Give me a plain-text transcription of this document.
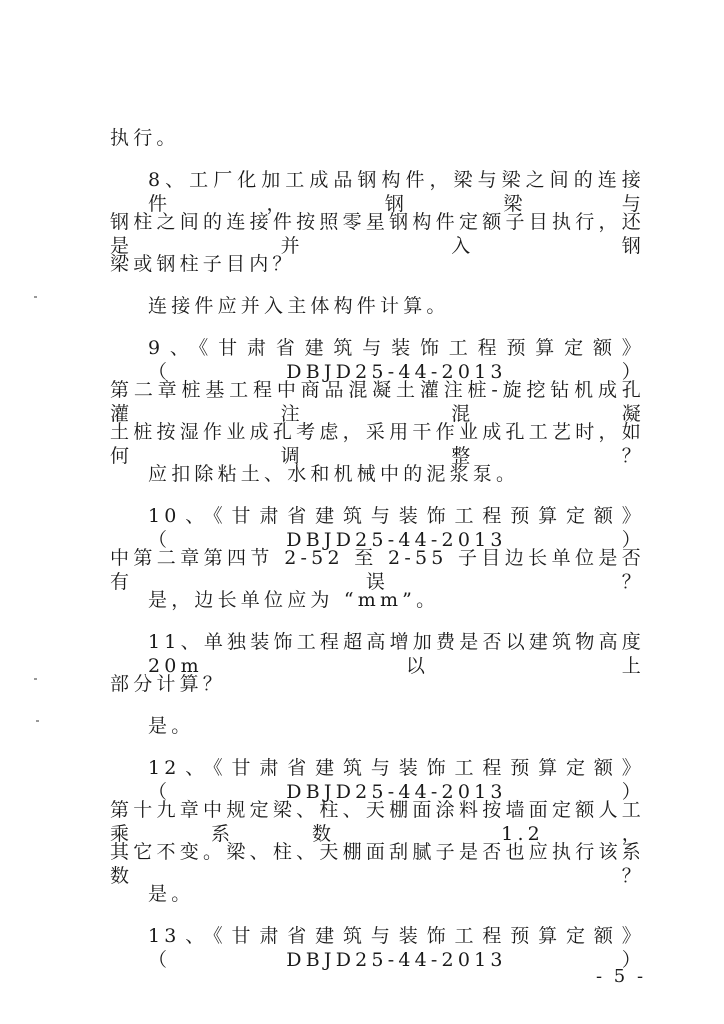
执行。
8、工厂化加工成品钢构件，梁与梁之间的连接件，钢梁与
钢柱之间的连接件按照零星钢构件定额子目执行，还是并入钢
梁或钢柱子目内？
连接件应并入主体构件计算。
9、《甘肃省建筑与装饰工程预算定额》（DBJD25-44-2013）
第二章桩基工程中商品混凝土灌注桩-旋挖钻机成孔灌注混凝
土桩按湿作业成孔考虑，采用干作业成孔工艺时，如何调整？
应扣除粘土、水和机械中的泥浆泵。
10、《甘肃省建筑与装饰工程预算定额》（DBJD25-44-2013）
中第二章第四节 2-52 至 2-55 子目边长单位是否有误？
是，边长单位应为 “mm”。
11、单独装饰工程超高增加费是否以建筑物高度 20m 以上
部分计算？
是。
12、《甘肃省建筑与装饰工程预算定额》（DBJD25-44-2013）
第十九章中规定梁、柱、天棚面涂料按墙面定额人工乘系数 1.2，
其它不变。梁、柱、天棚面刮腻子是否也应执行该系数？
是。
13、《甘肃省建筑与装饰工程预算定额》（DBJD25-44-2013）
- 5 -
